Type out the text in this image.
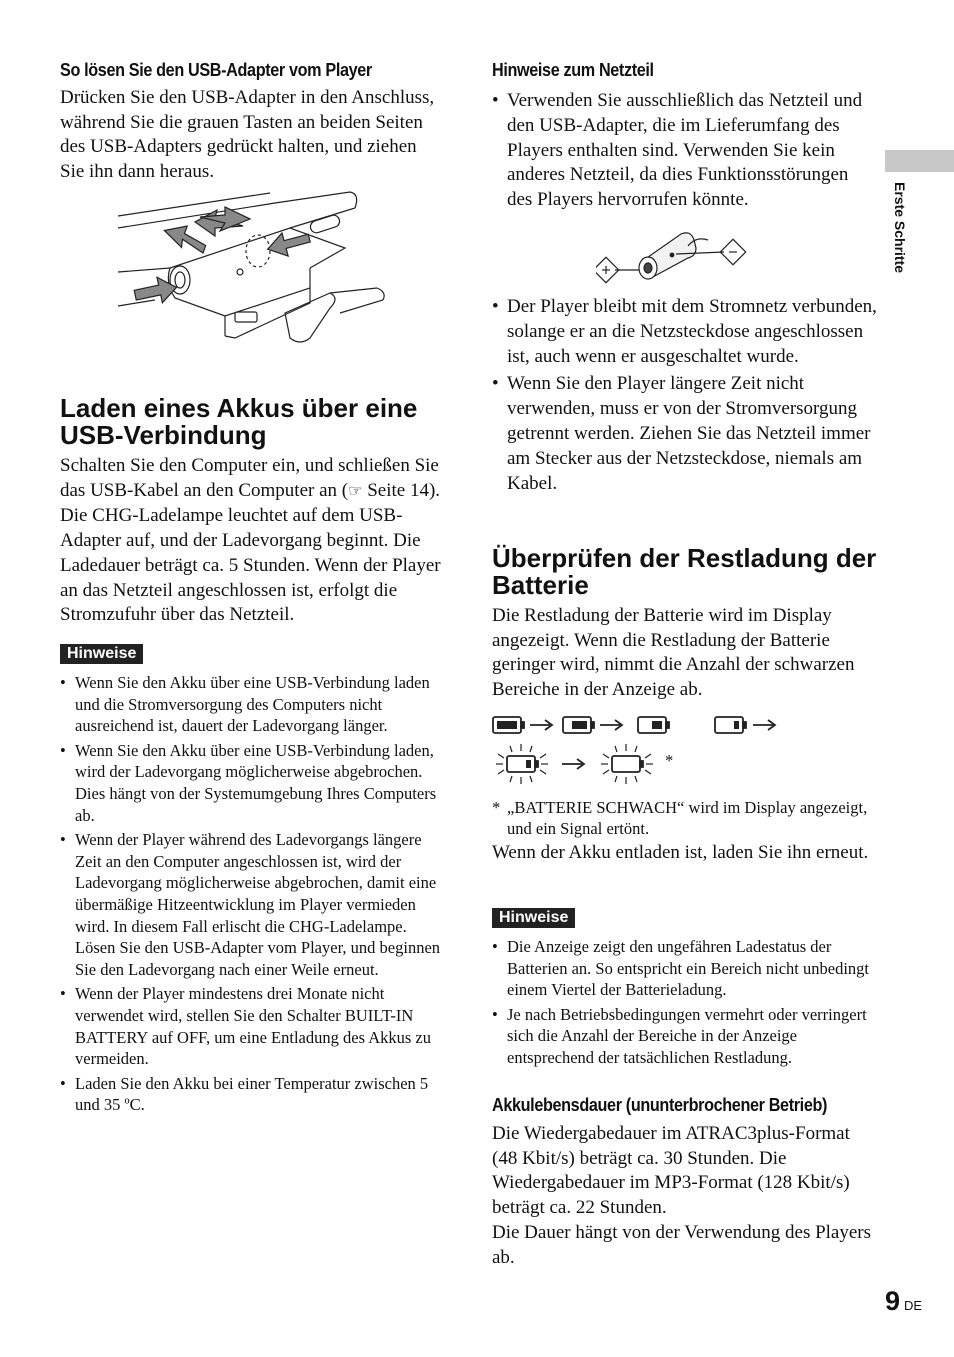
So lösen Sie den USB-Adapter vom Player
Drücken Sie den USB-Adapter in den Anschluss, während Sie die grauen Tasten an beiden Seiten des USB-Adapters gedrückt halten, und ziehen Sie ihn dann heraus.
Laden eines Akkus über eine USB-Verbindung
Schalten Sie den Computer ein, und schließen Sie das USB-Kabel an den Computer an (☞ Seite 14). Die CHG-Ladelampe leuchtet auf dem USB-Adapter auf, und der Ladevorgang beginnt. Die Ladedauer beträgt ca. 5 Stunden. Wenn der Player an das Netzteil angeschlossen ist, erfolgt die Stromzufuhr über das Netzteil.
Hinweise
• Wenn Sie den Akku über eine USB-Verbindung laden und die Stromversorgung des Computers nicht ausreichend ist, dauert der Ladevorgang länger.
• Wenn Sie den Akku über eine USB-Verbindung laden, wird der Ladevorgang möglicherweise abgebrochen. Dies hängt von der Systemumgebung Ihres Computers ab.
• Wenn der Player während des Ladevorgangs längere Zeit an den Computer angeschlossen ist, wird der Ladevorgang möglicherweise abgebrochen, damit eine übermäßige Hitzeentwicklung im Player vermieden wird. In diesem Fall erlischt die CHG-Ladelampe. Lösen Sie den USB-Adapter vom Player, und beginnen Sie den Ladevorgang nach einer Weile erneut.
• Wenn der Player mindestens drei Monate nicht verwendet wird, stellen Sie den Schalter BUILT-IN BATTERY auf OFF, um eine Entladung des Akkus zu vermeiden.
• Laden Sie den Akku bei einer Temperatur zwischen 5 und 35 ºC.
Hinweise zum Netzteil
• Verwenden Sie ausschließlich das Netzteil und den USB-Adapter, die im Lieferumfang des Players enthalten sind. Verwenden Sie kein anderes Netzteil, da dies Funktionsstörungen des Players hervorrufen könnte.
• Der Player bleibt mit dem Stromnetz verbunden, solange er an die Netzsteckdose angeschlossen ist, auch wenn er ausgeschaltet wurde.
• Wenn Sie den Player längere Zeit nicht verwenden, muss er von der Stromversorgung getrennt werden. Ziehen Sie das Netzteil immer am Stecker aus der Netzsteckdose, niemals am Kabel.
Überprüfen der Restladung der Batterie
Die Restladung der Batterie wird im Display angezeigt. Wenn die Restladung der Batterie geringer wird, nimmt die Anzahl der schwarzen Bereiche in der Anzeige ab.
*
* „BATTERIE SCHWACH“ wird im Display angezeigt, und ein Signal ertönt.
Wenn der Akku entladen ist, laden Sie ihn erneut.
Hinweise
• Die Anzeige zeigt den ungefähren Ladestatus der Batterien an. So entspricht ein Bereich nicht unbedingt einem Viertel der Batterieladung.
• Je nach Betriebsbedingungen vermehrt oder verringert sich die Anzahl der Bereiche in der Anzeige entsprechend der tatsächlichen Restladung.
Akkulebensdauer (ununterbrochener Betrieb)
Die Wiedergabedauer im ATRAC3plus-Format (48 Kbit/s) beträgt ca. 30 Stunden. Die Wiedergabedauer im MP3-Format (128 Kbit/s) beträgt ca. 22 Stunden.
Die Dauer hängt von der Verwendung des Players ab.
Erste Schritte
9 DE
